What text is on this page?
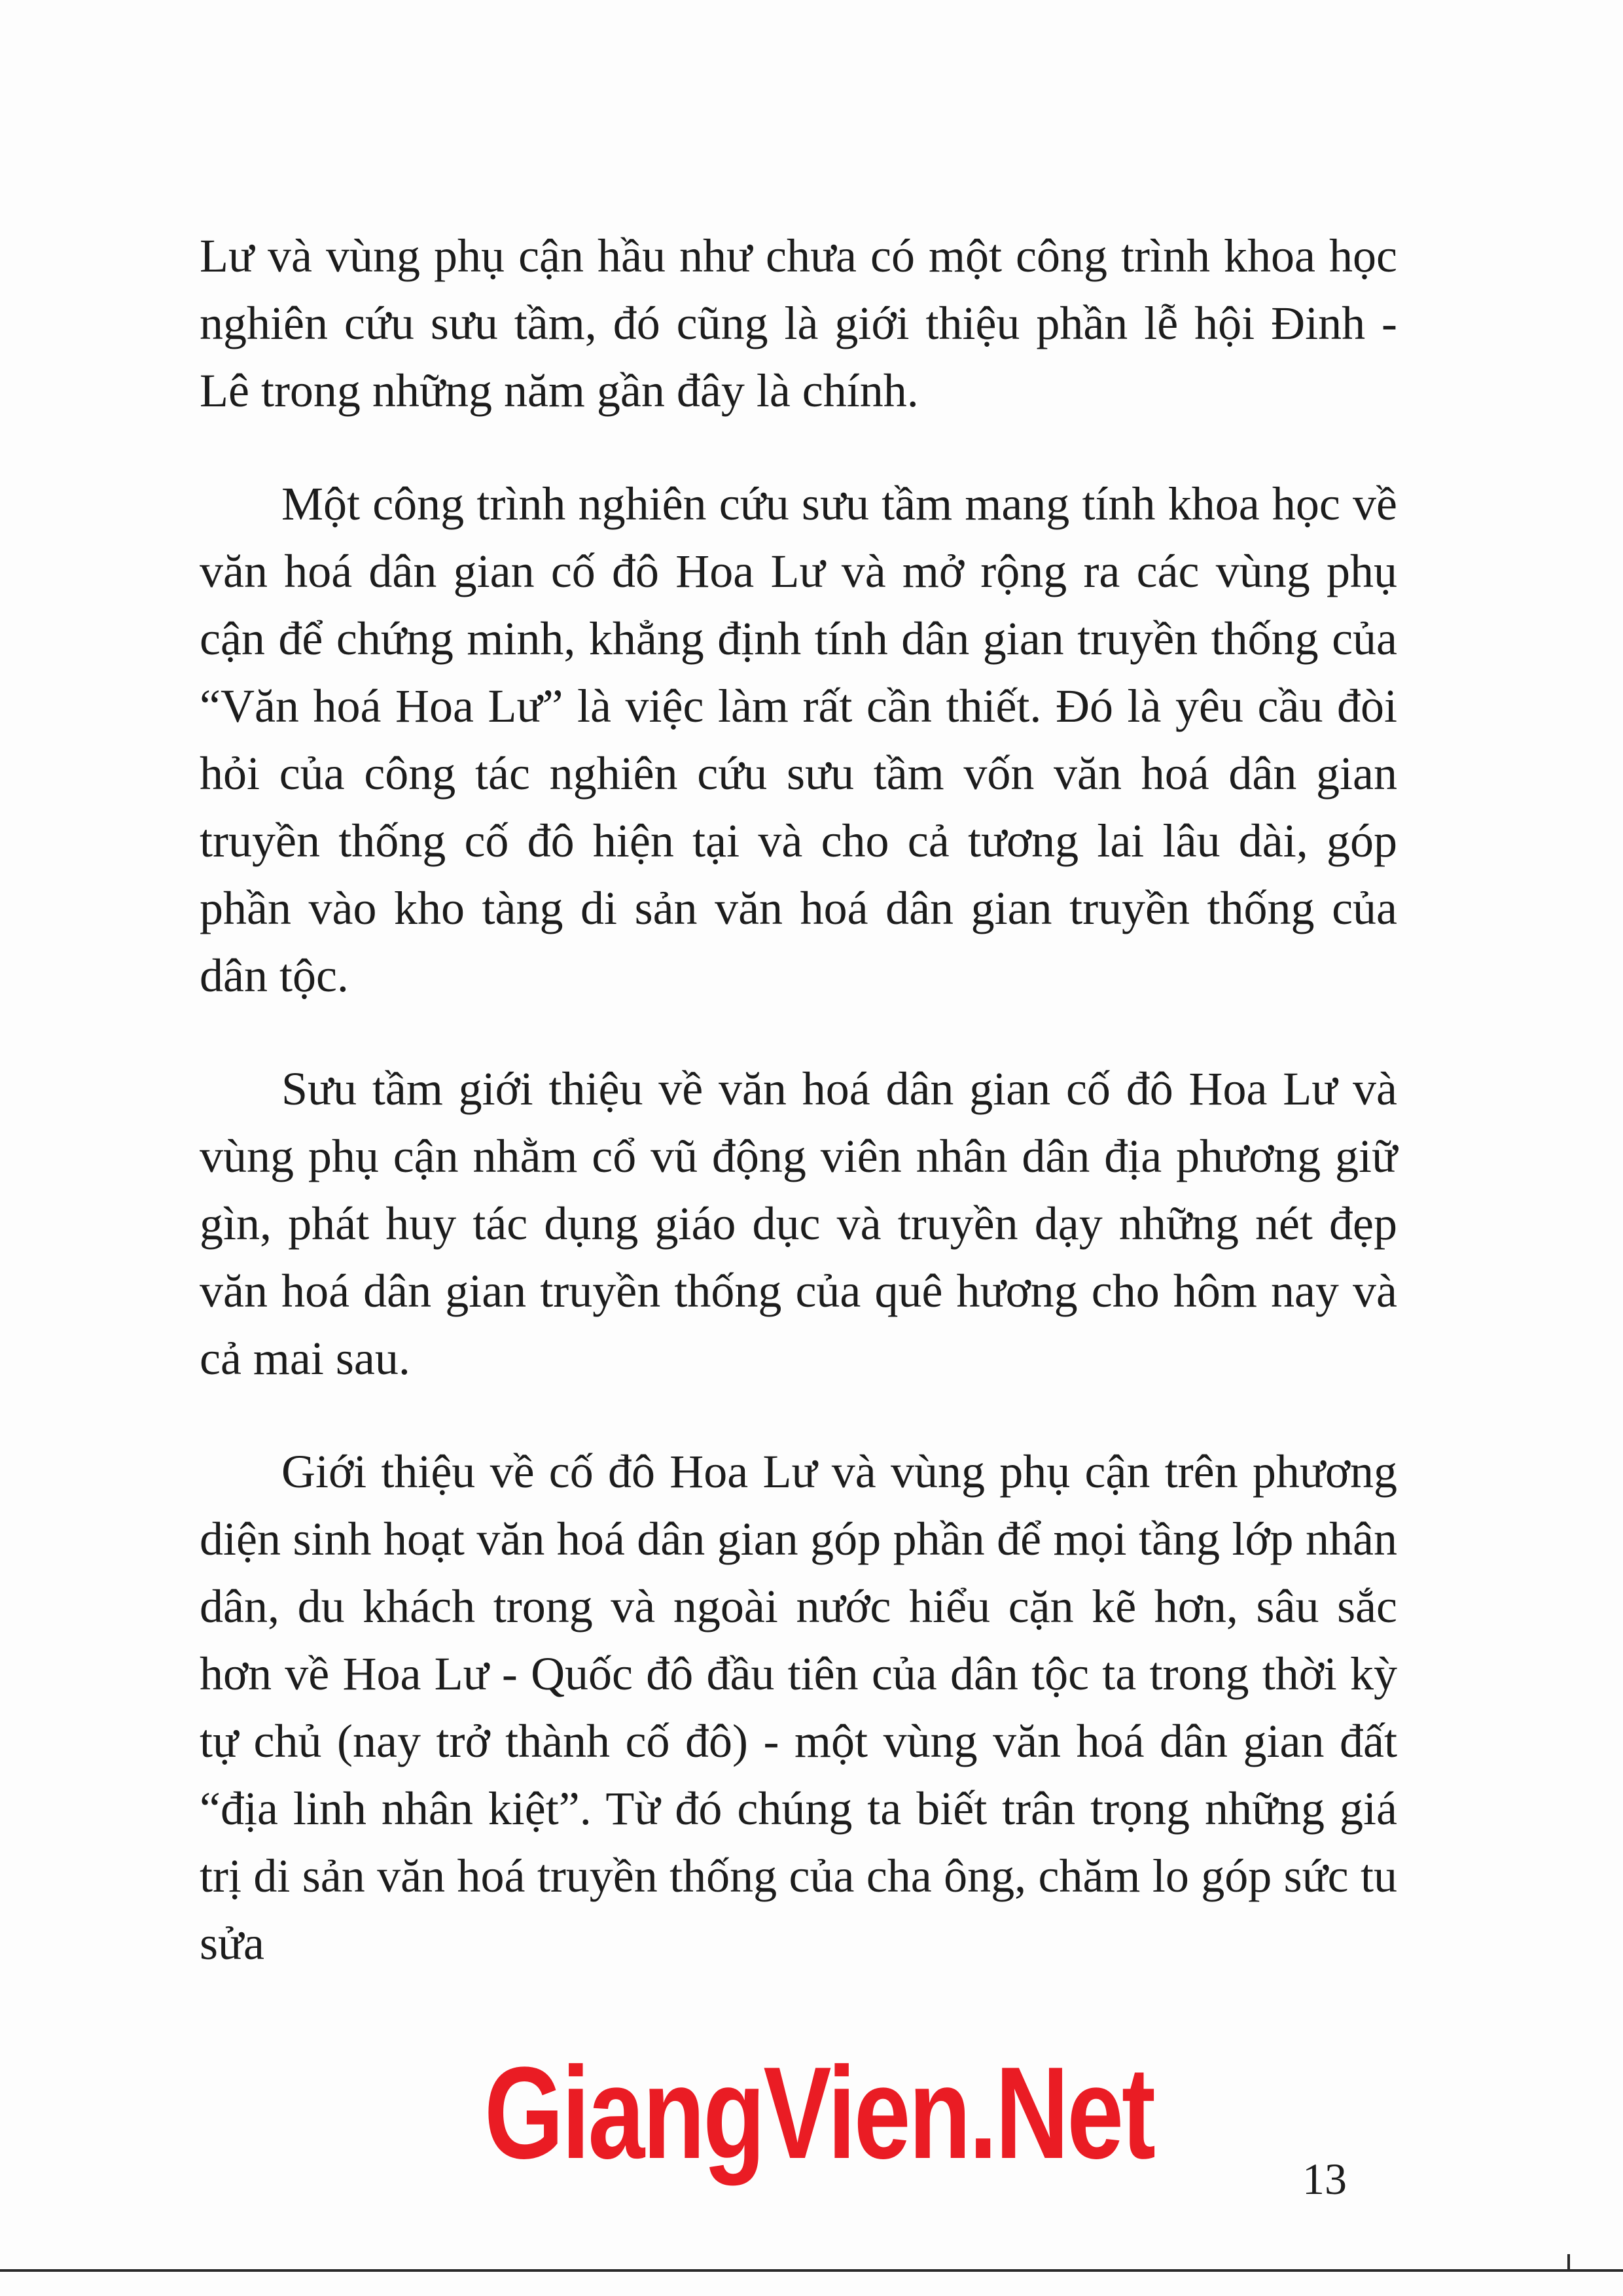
Lư và vùng phụ cận hầu như chưa có một công trình khoa học nghiên cứu sưu tầm, đó cũng là giới thiệu phần lễ hội Đinh - Lê trong những năm gần đây là chính.

Một công trình nghiên cứu sưu tầm mang tính khoa học về văn hoá dân gian cố đô Hoa Lư và mở rộng ra các vùng phụ cận để chứng minh, khẳng định tính dân gian truyền thống của “Văn hoá Hoa Lư” là việc làm rất cần thiết. Đó là yêu cầu đòi hỏi của công tác nghiên cứu sưu tầm vốn văn hoá dân gian truyền thống cố đô hiện tại và cho cả tương lai lâu dài, góp phần vào kho tàng di sản văn hoá dân gian truyền thống của dân tộc.

Sưu tầm giới thiệu về văn hoá dân gian cố đô Hoa Lư và vùng phụ cận nhằm cổ vũ động viên nhân dân địa phương giữ gìn, phát huy tác dụng giáo dục và truyền dạy những nét đẹp văn hoá dân gian truyền thống của quê hương cho hôm nay và cả mai sau.

Giới thiệu về cố đô Hoa Lư và vùng phụ cận trên phương diện sinh hoạt văn hoá dân gian góp phần để mọi tầng lớp nhân dân, du khách trong và ngoài nước hiểu cặn kẽ hơn, sâu sắc hơn về Hoa Lư - Quốc đô đầu tiên của dân tộc ta trong thời kỳ tự chủ (nay trở thành cố đô) - một vùng văn hoá dân gian đất “địa linh nhân kiệt”. Từ đó chúng ta biết trân trọng những giá trị di sản văn hoá truyền thống của cha ông, chăm lo góp sức tu sửa

GiangVien.Net	13
